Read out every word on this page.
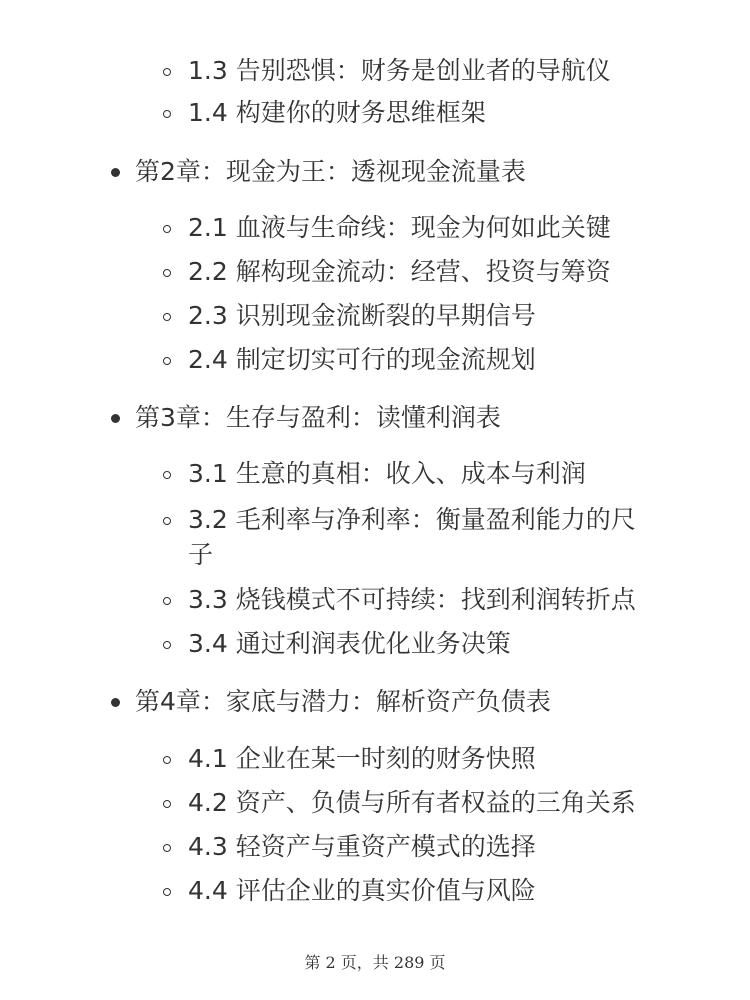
1.3 告别恐惧：财务是创业者的导航仪
1.4 构建你的财务思维框架
第2章：现金为王：透视现金流量表
2.1 血液与生命线：现金为何如此关键
2.2 解构现金流动：经营、投资与筹资
2.3 识别现金流断裂的早期信号
2.4 制定切实可行的现金流规划
第3章：生存与盈利：读懂利润表
3.1 生意的真相：收入、成本与利润
3.2 毛利率与净利率：衡量盈利能力的尺
子
3.3 烧钱模式不可持续：找到利润转折点
3.4 通过利润表优化业务决策
第4章：家底与潜力：解析资产负债表
4.1 企业在某一时刻的财务快照
4.2 资产、负债与所有者权益的三角关系
4.3 轻资产与重资产模式的选择
4.4 评估企业的真实价值与风险
第 2 页，共 289 页
